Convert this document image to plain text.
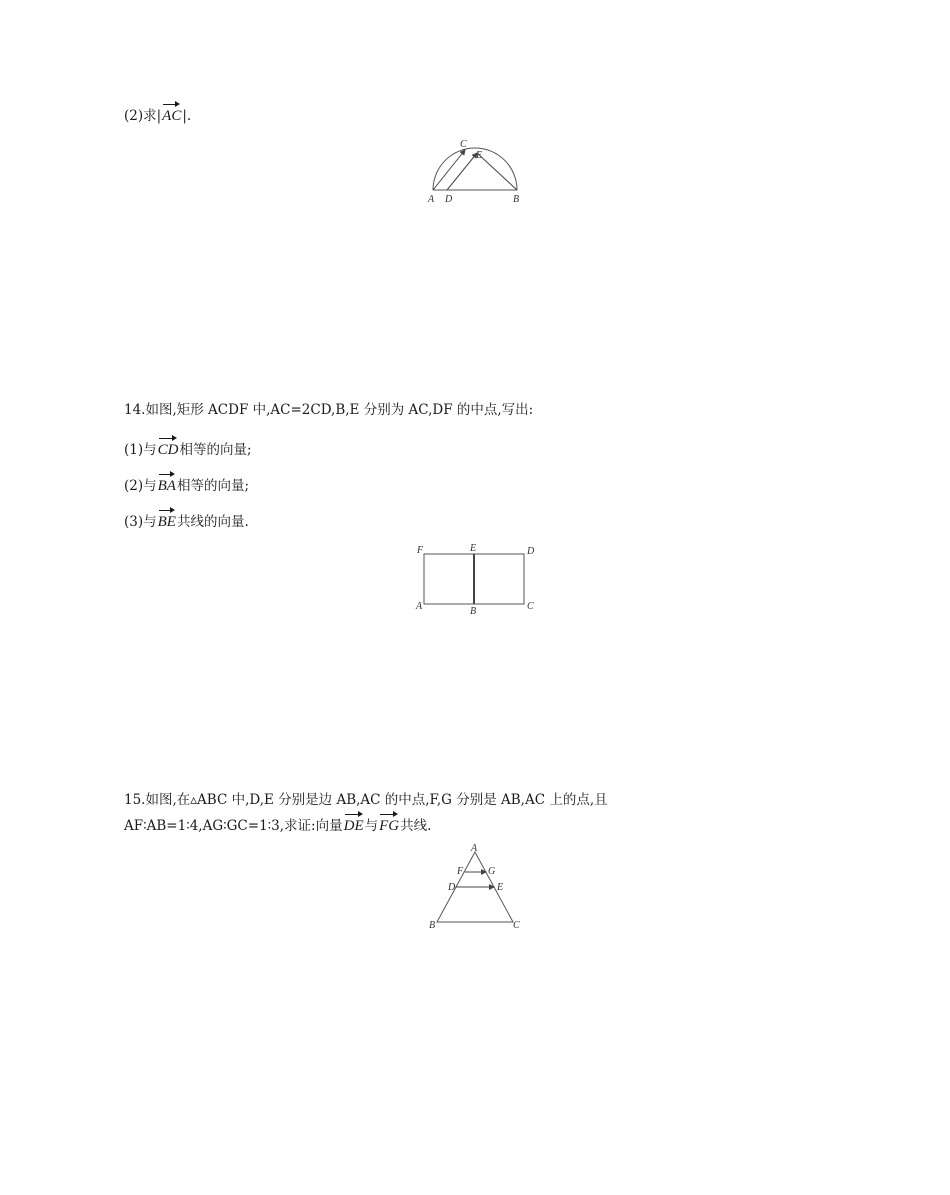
(2)求|AC|.
A D	B
C
E
14.如图,矩形 ACDF 中,AC=2CD,B,E 分别为 AC,DF 的中点,写出:
(1)与CD相等的向量;
(2)与BA相等的向量;
(3)与BE共线的向量.
F	E	D
A	B	C
15.如图,在▵ABC 中,D,E 分别是边 AB,AC 的中点,F,G 分别是 AB,AC 上的点,且
AF∶AB=1∶4,AG∶GC=1∶3,求证:向量DE与FG共线.
A
F G
D	E
B	C
